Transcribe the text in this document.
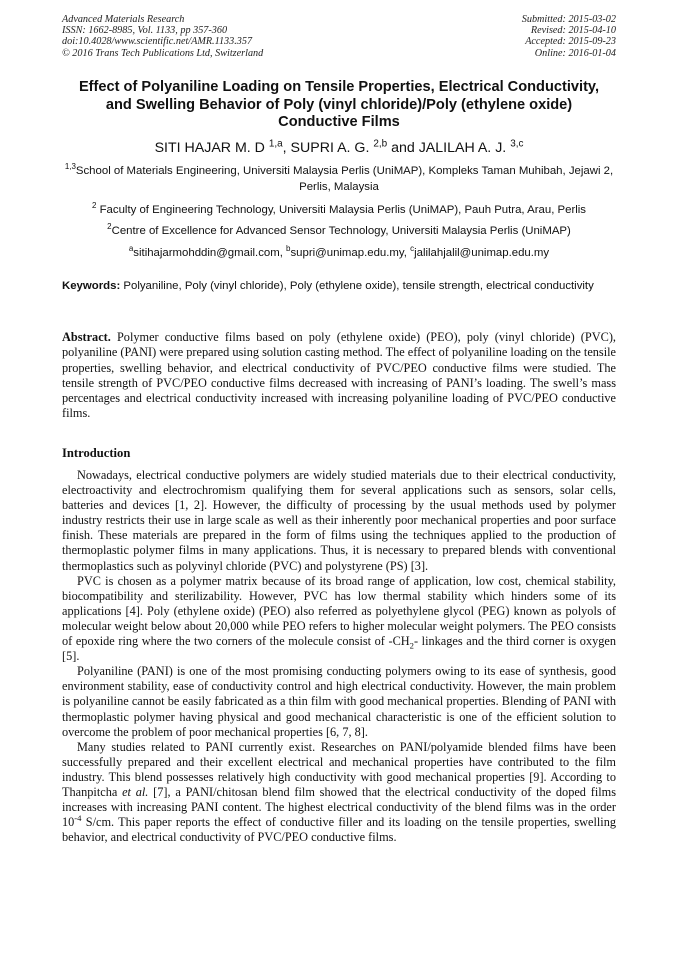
Advanced Materials Research
ISSN: 1662-8985, Vol. 1133, pp 357-360
doi:10.4028/www.scientific.net/AMR.1133.357
© 2016 Trans Tech Publications Ltd, Switzerland
Submitted: 2015-03-02
Revised: 2015-04-10
Accepted: 2015-09-23
Online: 2016-01-04
Effect of Polyaniline Loading on Tensile Properties, Electrical Conductivity, and Swelling Behavior of Poly (vinyl chloride)/Poly (ethylene oxide) Conductive Films
SITI HAJAR M. D $^{1,a}$, SUPRI A. G. $^{2,b}$ and JALILAH A. J. $^{3,c}$
$^{1,3}$School of Materials Engineering, Universiti Malaysia Perlis (UniMAP), Kompleks Taman Muhibah, Jejawi 2, Perlis, Malaysia
$^2$ Faculty of Engineering Technology, Universiti Malaysia Perlis (UniMAP), Pauh Putra, Arau, Perlis
$^2$Centre of Excellence for Advanced Sensor Technology, Universiti Malaysia Perlis (UniMAP)
$^a$sitihajarmohddin@gmail.com, $^b$supri@unimap.edu.my, $^c$jalilahjalil@unimap.edu.my
Keywords: Polyaniline, Poly (vinyl chloride), Poly (ethylene oxide), tensile strength, electrical conductivity
Abstract. Polymer conductive films based on poly (ethylene oxide) (PEO), poly (vinyl chloride) (PVC), polyaniline (PANI) were prepared using solution casting method. The effect of polyaniline loading on the tensile properties, swelling behavior, and electrical conductivity of PVC/PEO conductive films were studied. The tensile strength of PVC/PEO conductive films decreased with increasing of PANI’s loading. The swell’s mass percentages and electrical conductivity increased with increasing polyaniline loading of PVC/PEO conductive films.
Introduction

Nowadays, electrical conductive polymers are widely studied materials due to their electrical conductivity, electroactivity and electrochromism qualifying them for several applications such as sensors, solar cells, batteries and devices [1, 2]. However, the difficulty of processing by the usual methods used by polymer industry restricts their use in large scale as well as their inherently poor mechanical properties and poor surface finish. These materials are prepared in the form of films using the techniques applied to the production of thermoplastic polymer films in many applications. Thus, it is necessary to prepared blends with conventional thermoplastics such as polyvinyl chloride (PVC) and polystyrene (PS) [3].

PVC is chosen as a polymer matrix because of its broad range of application, low cost, chemical stability, biocompatibility and sterilizability. However, PVC has low thermal stability which hinders some of its applications [4]. Poly (ethylene oxide) (PEO) also referred as polyethylene glycol (PEG) known as polyols of molecular weight below about 20,000 while PEO refers to higher molecular weight polymers. The PEO consists of epoxide ring where the two corners of the molecule consist of $-CH_2-$ linkages and the third corner is oxygen [5].

Polyaniline (PANI) is one of the most promising conducting polymers owing to its ease of synthesis, good environment stability, ease of conductivity control and high electrical conductivity. However, the main problem is polyaniline cannot be easily fabricated as a thin film with good mechanical properties. Blending of PANI with thermoplastic polymer having physical and good mechanical characteristic is one of the efficient solution to overcome the problem of poor mechanical properties [6, 7, 8].

Many studies related to PANI currently exist. Researches on PANI/polyamide blended films have been successfully prepared and their excellent electrical and mechanical properties have contributed to the film industry. This blend possesses relatively high conductivity with good mechanical properties [9]. According to Thanpitcha et al. [7], a PANI/chitosan blend film showed that the electrical conductivity of the doped films increases with increasing PANI content. The highest electrical conductivity of the blend films was in the order $10^{-4}$ S/cm. This paper reports the effect of conductive filler and its loading on the tensile properties, swelling behavior, and electrical conductivity of PVC/PEO conductive films.
